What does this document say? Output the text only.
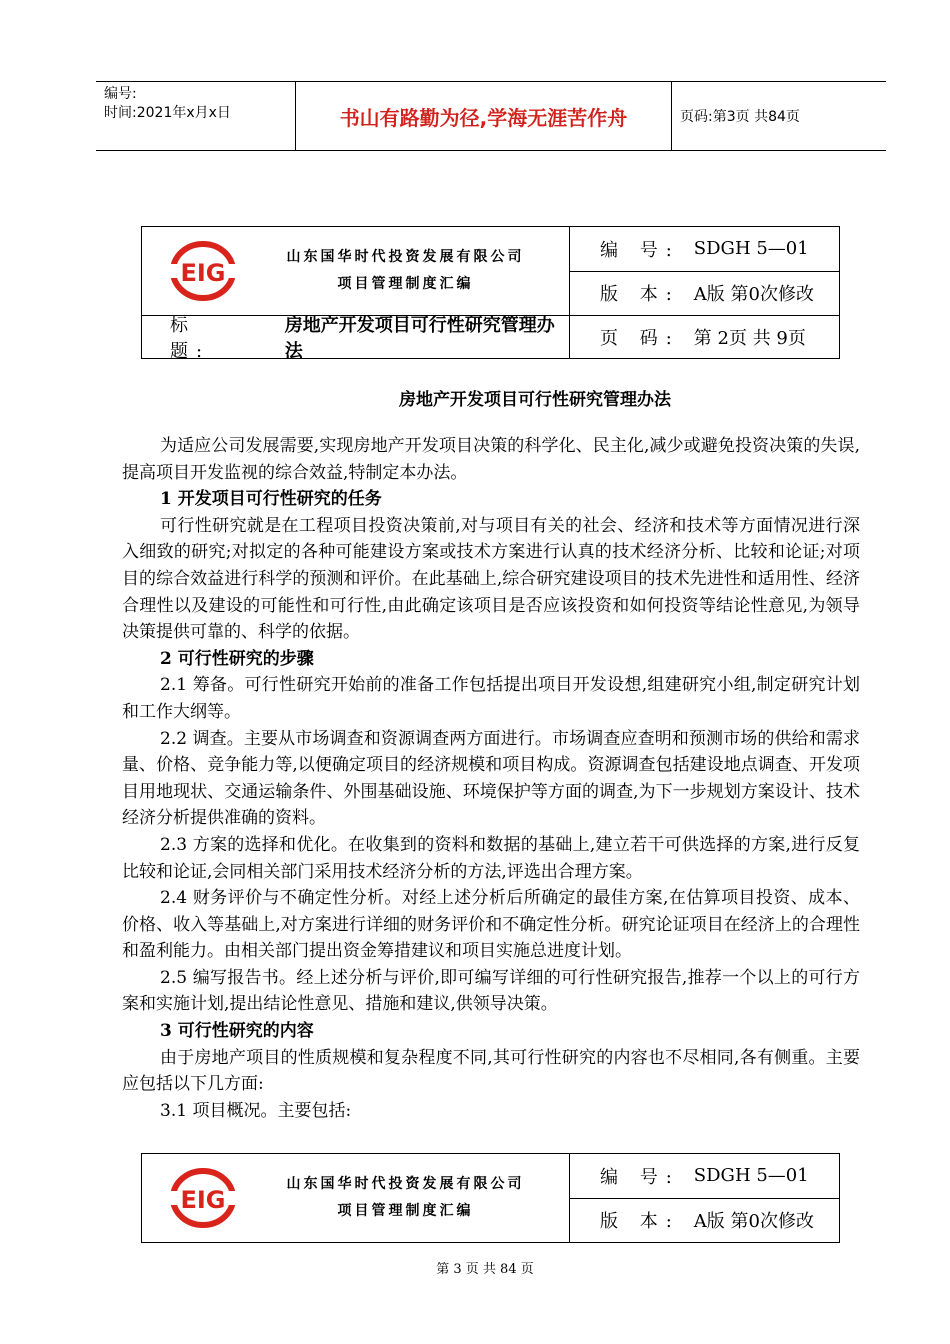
编号:
时间:2021年x月x日	书山有路勤为径,学海无涯苦作舟	页码:第3页 共84页
EIG
山东国华时代投资发展有限公司
项目管理制度汇编
编 号: SDGH 5—01
版 本: A版 第0次修改
标 题:
房地产开发项目可行性研究管理办法
页 码: 第 2页 共 9页
房地产开发项目可行性研究管理办法

为适应公司发展需要,实现房地产开发项目决策的科学化、民主化,减少或避免投资决策的失误,提高项目开发监视的综合效益,特制定本办法。

1 开发项目可行性研究的任务

可行性研究就是在工程项目投资决策前,对与项目有关的社会、经济和技术等方面情况进行深入细致的研究;对拟定的各种可能建设方案或技术方案进行认真的技术经济分析、比较和论证;对项目的综合效益进行科学的预测和评价。在此基础上,综合研究建设项目的技术先进性和适用性、经济合理性以及建设的可能性和可行性,由此确定该项目是否应该投资和如何投资等结论性意见,为领导决策提供可靠的、科学的依据。

2 可行性研究的步骤

2.1 筹备。可行性研究开始前的准备工作包括提出项目开发设想,组建研究小组,制定研究计划和工作大纲等。

2.2 调查。主要从市场调查和资源调查两方面进行。市场调查应查明和预测市场的供给和需求量、价格、竞争能力等,以便确定项目的经济规模和项目构成。资源调查包括建设地点调查、开发项目用地现状、交通运输条件、外围基础设施、环境保护等方面的调查,为下一步规划方案设计、技术经济分析提供准确的资料。

2.3 方案的选择和优化。在收集到的资料和数据的基础上,建立若干可供选择的方案,进行反复比较和论证,会同相关部门采用技术经济分析的方法,评选出合理方案。

2.4 财务评价与不确定性分析。对经上述分析后所确定的最佳方案,在估算项目投资、成本、价格、收入等基础上,对方案进行详细的财务评价和不确定性分析。研究论证项目在经济上的合理性和盈利能力。由相关部门提出资金筹措建议和项目实施总进度计划。

2.5 编写报告书。经上述分析与评价,即可编写详细的可行性研究报告,推荐一个以上的可行方案和实施计划,提出结论性意见、措施和建议,供领导决策。

3 可行性研究的内容

由于房地产项目的性质规模和复杂程度不同,其可行性研究的内容也不尽相同,各有侧重。主要应包括以下几方面:

3.1 项目概况。主要包括:

EIG
山东国华时代投资发展有限公司
项目管理制度汇编
编 号: SDGH 5—01
版 本: A版 第0次修改
第 3 页 共 84 页
